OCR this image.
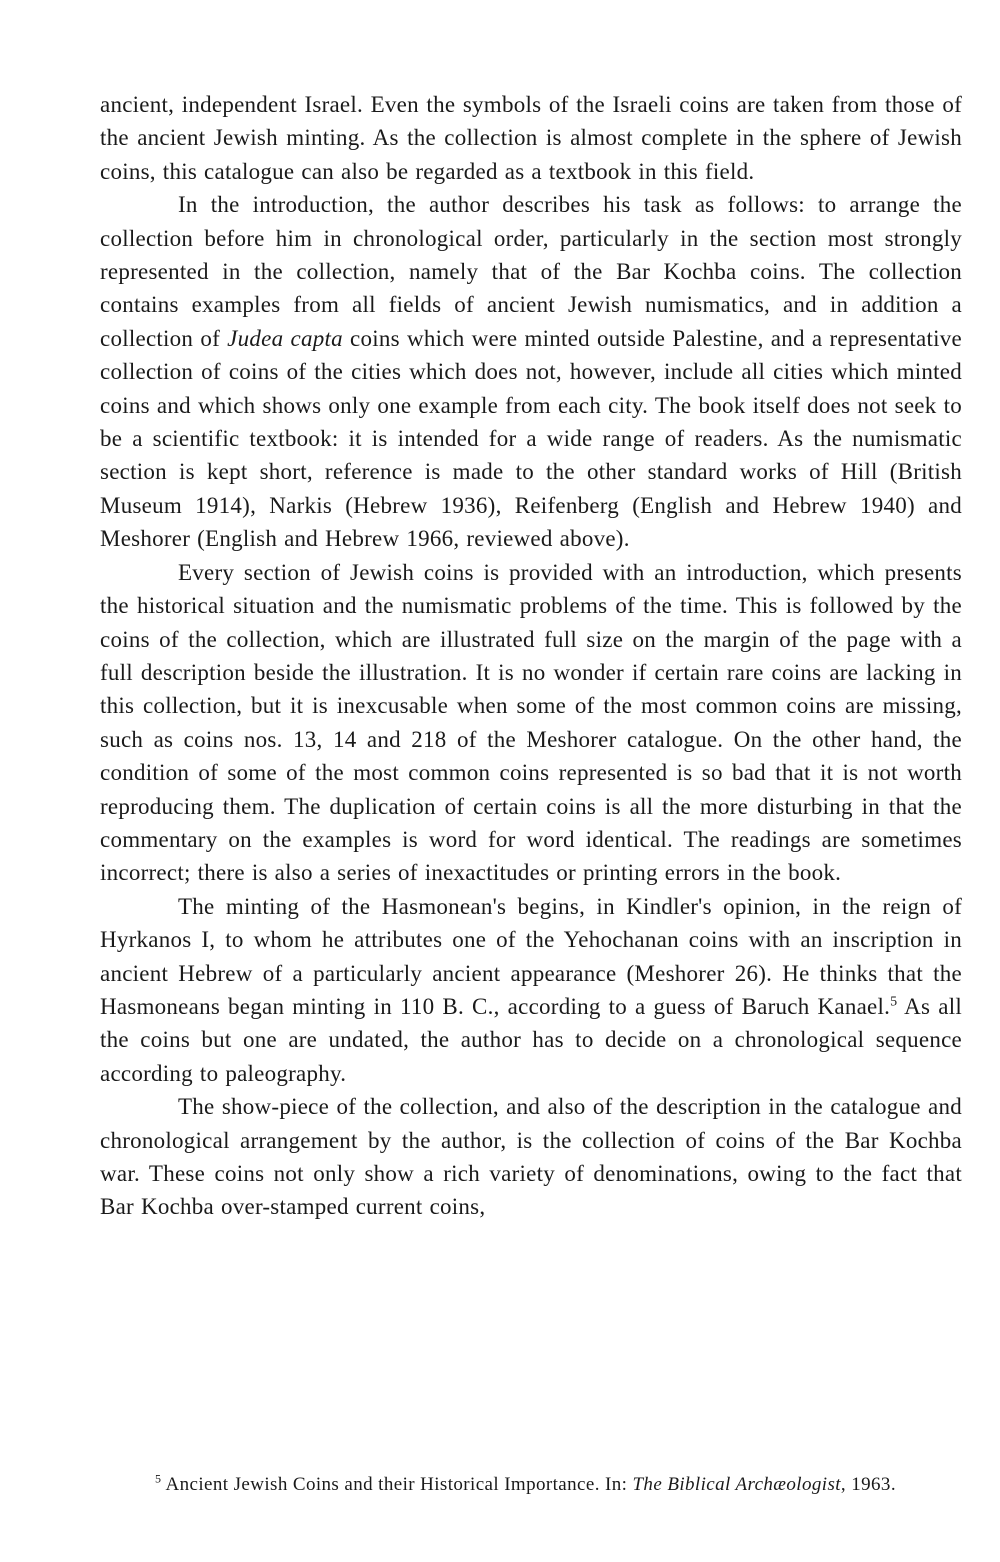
ancient, independent Israel. Even the symbols of the Israeli coins are taken from those of the ancient Jewish minting. As the collection is almost complete in the sphere of Jewish coins, this catalogue can also be regarded as a textbook in this field.

In the introduction, the author describes his task as follows: to arrange the collection before him in chronological order, particularly in the section most strongly represented in the collection, namely that of the Bar Kochba coins. The collection contains examples from all fields of ancient Jewish numismatics, and in addition a collection of Judea capta coins which were minted outside Palestine, and a representative collection of coins of the cities which does not, however, include all cities which minted coins and which shows only one example from each city. The book itself does not seek to be a scientific textbook: it is intended for a wide range of readers. As the numismatic section is kept short, reference is made to the other standard works of Hill (British Museum 1914), Narkis (Hebrew 1936), Reifenberg (English and Hebrew 1940) and Meshorer (English and Hebrew 1966, reviewed above).

Every section of Jewish coins is provided with an introduction, which presents the historical situation and the numismatic problems of the time. This is followed by the coins of the collection, which are illustrated full size on the margin of the page with a full description beside the illustration. It is no wonder if certain rare coins are lacking in this collection, but it is inexcusable when some of the most common coins are missing, such as coins nos. 13, 14 and 218 of the Meshorer catalogue. On the other hand, the condition of some of the most common coins represented is so bad that it is not worth reproducing them. The duplication of certain coins is all the more disturbing in that the commentary on the examples is word for word identical. The readings are sometimes incorrect; there is also a series of inexactitudes or printing errors in the book.

The minting of the Hasmonean's begins, in Kindler's opinion, in the reign of Hyrkanos I, to whom he attributes one of the Yehochanan coins with an inscription in ancient Hebrew of a particularly ancient appearance (Meshorer 26). He thinks that the Hasmoneans began minting in 110 B. C., according to a guess of Baruch Kanael.$^5$ As all the coins but one are undated, the author has to decide on a chronological sequence according to paleography.

The show-piece of the collection, and also of the description in the catalogue and chronological arrangement by the author, is the collection of coins of the Bar Kochba war. These coins not only show a rich variety of denominations, owing to the fact that Bar Kochba over-stamped current coins,

$^5$ Ancient Jewish Coins and their Historical Importance. In: The Biblical Archæologist, 1963.
